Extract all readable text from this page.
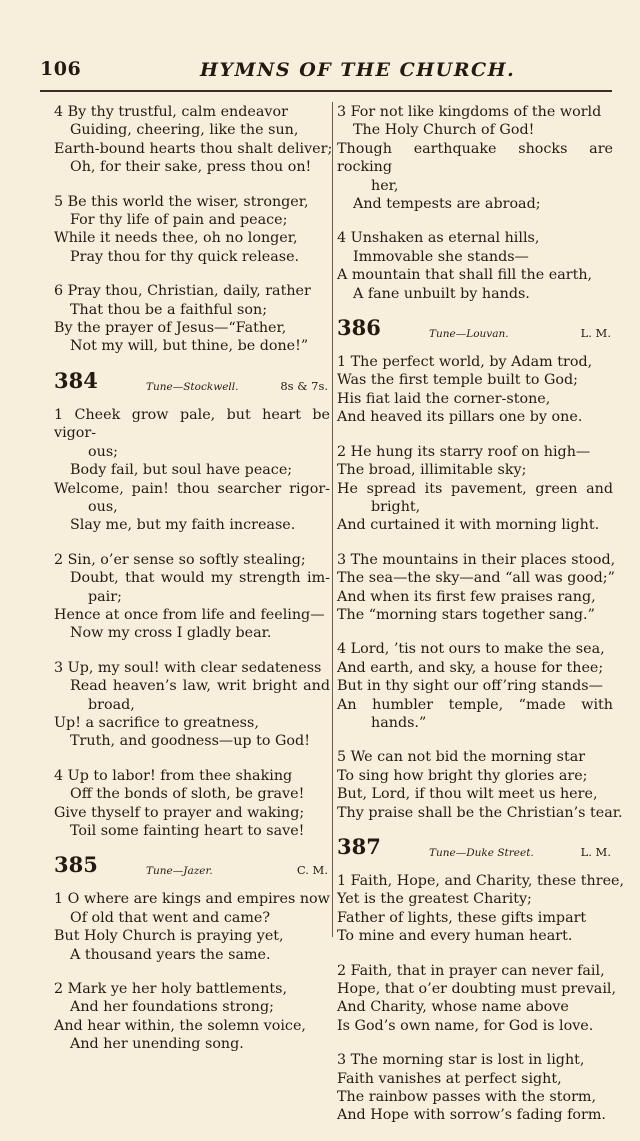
106	HYMNS OF THE CHURCH.
4 By thy trustful, calm endeavor
Guiding, cheering, like the sun,
Earth-bound hearts thou shalt deliver;
Oh, for their sake, press thou on!
5 Be this world the wiser, stronger,
For thy life of pain and peace;
While it needs thee, oh no longer,
Pray thou for thy quick release.
6 Pray thou, Christian, daily, rather
That thou be a faithful son;
By the prayer of Jesus—“Father,
Not my will, but thine, be done!”
384	Tune—Stockwell.	8s & 7s.
1 Cheek grow pale, but heart be vigor-
ous;
Body fail, but soul have peace;
Welcome, pain! thou searcher rigor-
ous,
Slay me, but my faith increase.
2 Sin, o’er sense so softly stealing;
Doubt, that would my strength im-
pair;
Hence at once from life and feeling—
Now my cross I gladly bear.
3 Up, my soul! with clear sedateness
Read heaven’s law, writ bright and
broad,
Up! a sacrifice to greatness,
Truth, and goodness—up to God!
4 Up to labor! from thee shaking
Off the bonds of sloth, be grave!
Give thyself to prayer and waking;
Toil some fainting heart to save!
385	Tune—Jazer.	C. M.
1 O where are kings and empires now
Of old that went and came?
But Holy Church is praying yet,
A thousand years the same.
2 Mark ye her holy battlements,
And her foundations strong;
And hear within, the solemn voice,
And her unending song.
3 For not like kingdoms of the world
The Holy Church of God!
Though earthquake shocks are rocking
her,
And tempests are abroad;
4 Unshaken as eternal hills,
Immovable she stands—
A mountain that shall fill the earth,
A fane unbuilt by hands.
386	Tune—Louvan.	L. M.
1 The perfect world, by Adam trod,
Was the first temple built to God;
His fiat laid the corner-stone,
And heaved its pillars one by one.
2 He hung its starry roof on high—
The broad, illimitable sky;
He spread its pavement, green and
bright,
And curtained it with morning light.
3 The mountains in their places stood,
The sea—the sky—and “all was good;”
And when its first few praises rang,
The “morning stars together sang.”
4 Lord, ’tis not ours to make the sea,
And earth, and sky, a house for thee;
But in thy sight our off’ring stands—
An humbler temple, “made with
hands.”
5 We can not bid the morning star
To sing how bright thy glories are;
But, Lord, if thou wilt meet us here,
Thy praise shall be the Christian’s tear.
387	Tune—Duke Street.	L. M.
1 Faith, Hope, and Charity, these three,
Yet is the greatest Charity;
Father of lights, these gifts impart
To mine and every human heart.
2 Faith, that in prayer can never fail,
Hope, that o’er doubting must prevail,
And Charity, whose name above
Is God’s own name, for God is love.
3 The morning star is lost in light,
Faith vanishes at perfect sight,
The rainbow passes with the storm,
And Hope with sorrow’s fading form.
